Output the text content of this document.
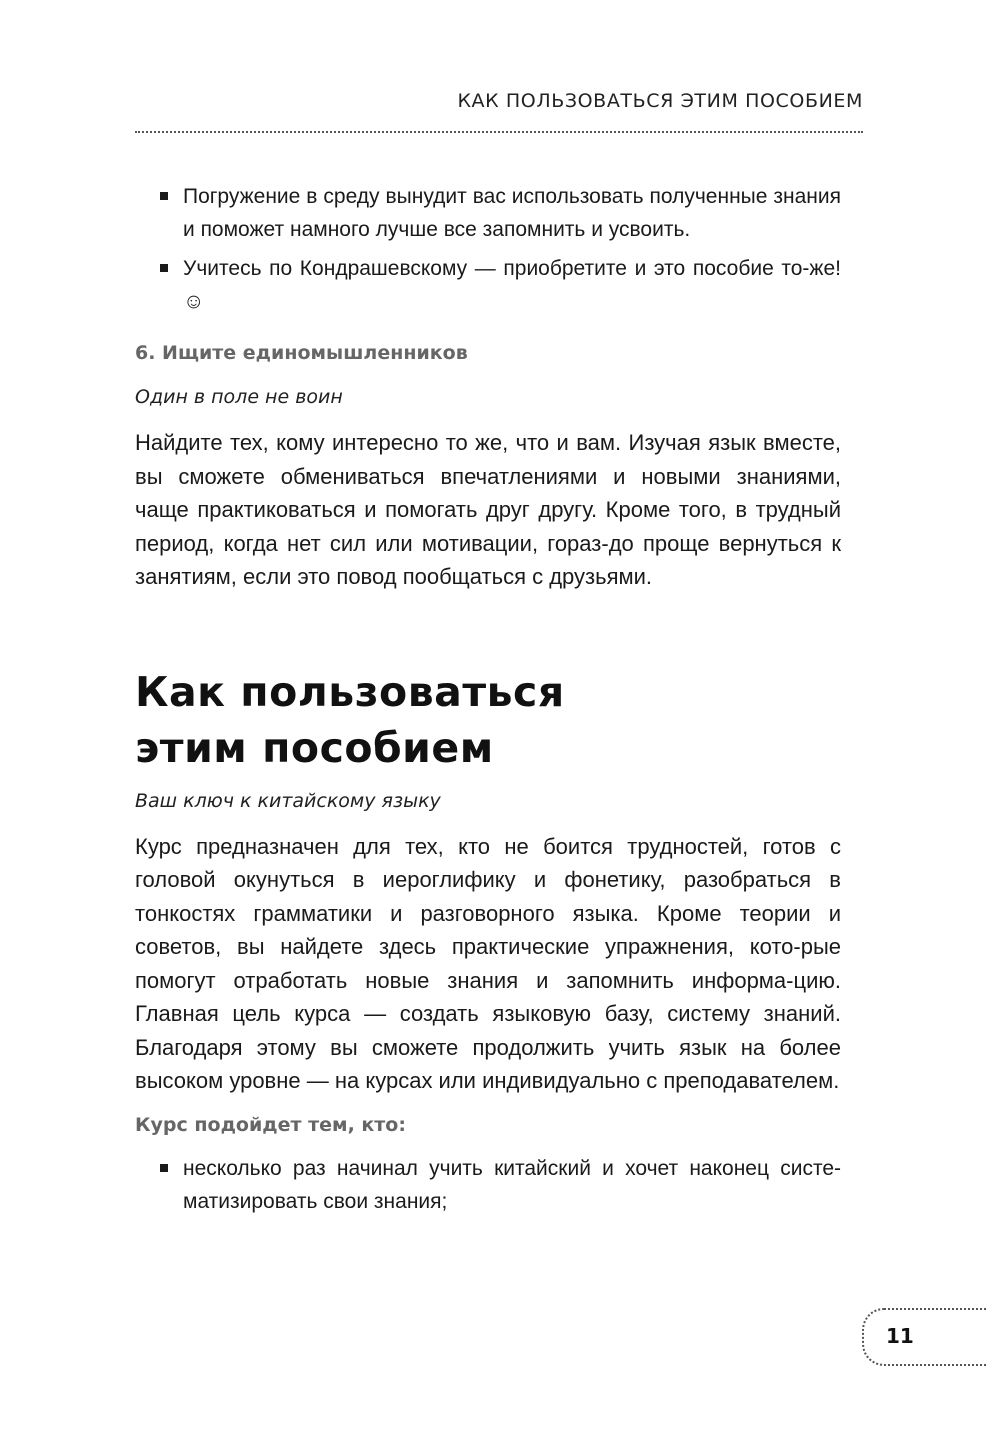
КАК ПОЛЬЗОВАТЬСЯ ЭТИМ ПОСОБИЕМ
Погружение в среду вынудит вас использовать полученные знания и поможет намного лучше все запомнить и усвоить.
Учитесь по Кондрашевскому — приобретите и это пособие то-же!☺
6. Ищите единомышленников
Один в поле не воин

Найдите тех, кому интересно то же, что и вам. Изучая язык вместе, вы сможете обмениваться впечатлениями и новыми знаниями, чаще практиковаться и помогать друг другу. Кроме того, в трудный период, когда нет сил или мотивации, гораз-до проще вернуться к занятиям, если это повод пообщаться с друзьями.

Как пользоваться
этим пособием
Ваш ключ к китайскому языку

Курс предназначен для тех, кто не боится трудностей, готов с головой окунуться в иероглифику и фонетику, разобраться в тонкостях грамматики и разговорного языка. Кроме теории и советов, вы найдете здесь практические упражнения, кото-рые помогут отработать новые знания и запомнить информа-цию. Главная цель курса — создать языковую базу, систему знаний. Благодаря этому вы сможете продолжить учить язык на более высоком уровне — на курсах или индивидуально с преподавателем.

Курс подойдет тем, кто:
несколько раз начинал учить китайский и хочет наконец систе-матизировать свои знания;
11
